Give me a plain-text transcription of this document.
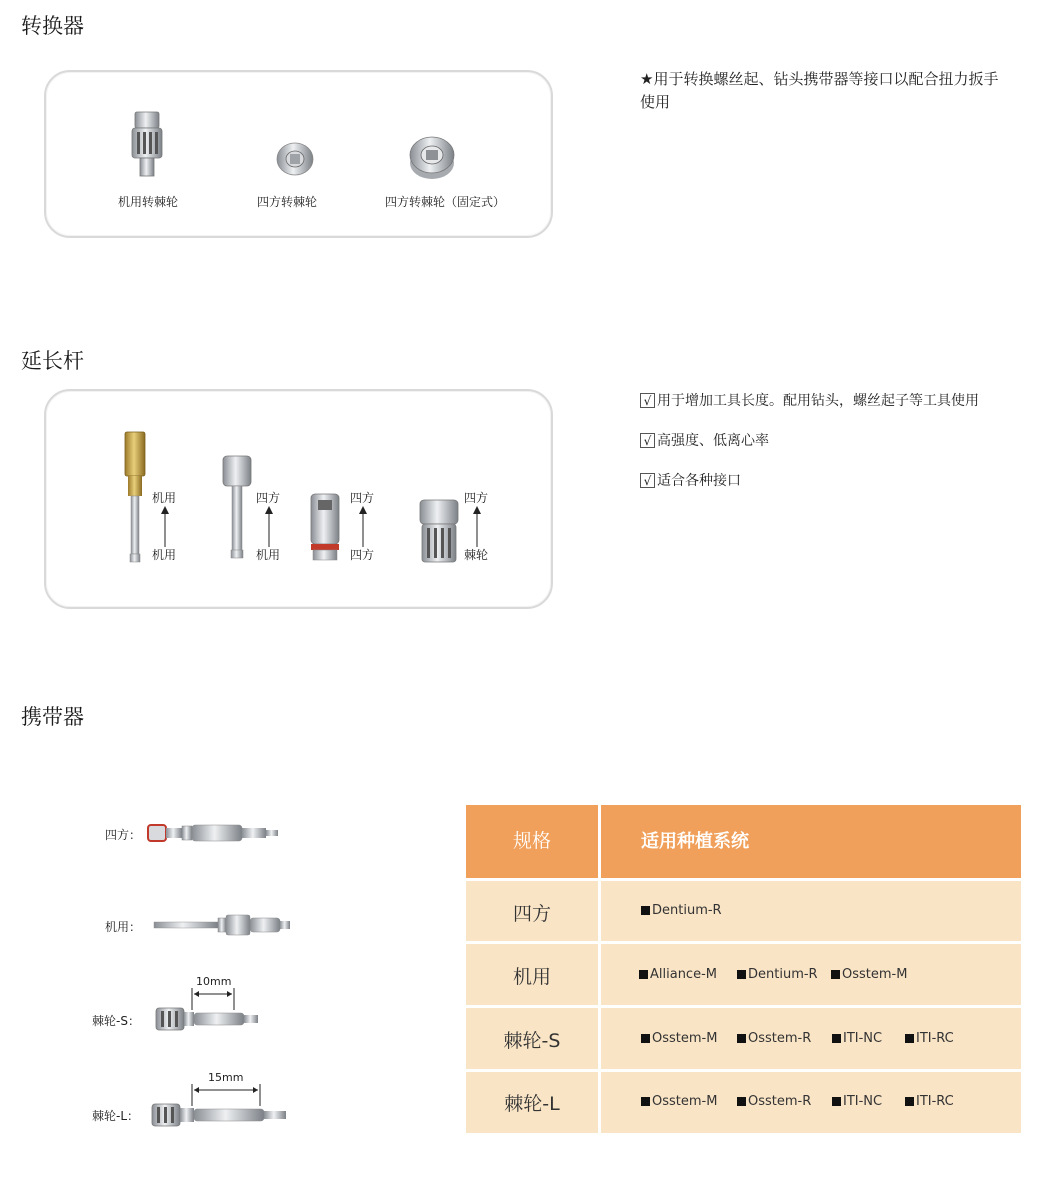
转换器
机用转棘轮	四方转棘轮	四方转棘轮（固定式）
★用于转换螺丝起、钻头携带器等接口以配合扭力扳手使用
延长杆
机用
机用
四方
机用
四方
四方
四方
棘轮
√ 用于增加工具长度。配用钻头，螺丝起子等工具使用
√ 高强度、低离心率
√ 适合各种接口
携带器
四方：
机用：
棘轮-S：
10mm
棘轮-L：
15mm
规格	适用种植系统
四方	Dentium-R
机用	Alliance-M	Dentium-R	Osstem-M
棘轮-S	Osstem-M	Osstem-R	ITI-NC	ITI-RC
棘轮-L	Osstem-M	Osstem-R	ITI-NC	ITI-RC
